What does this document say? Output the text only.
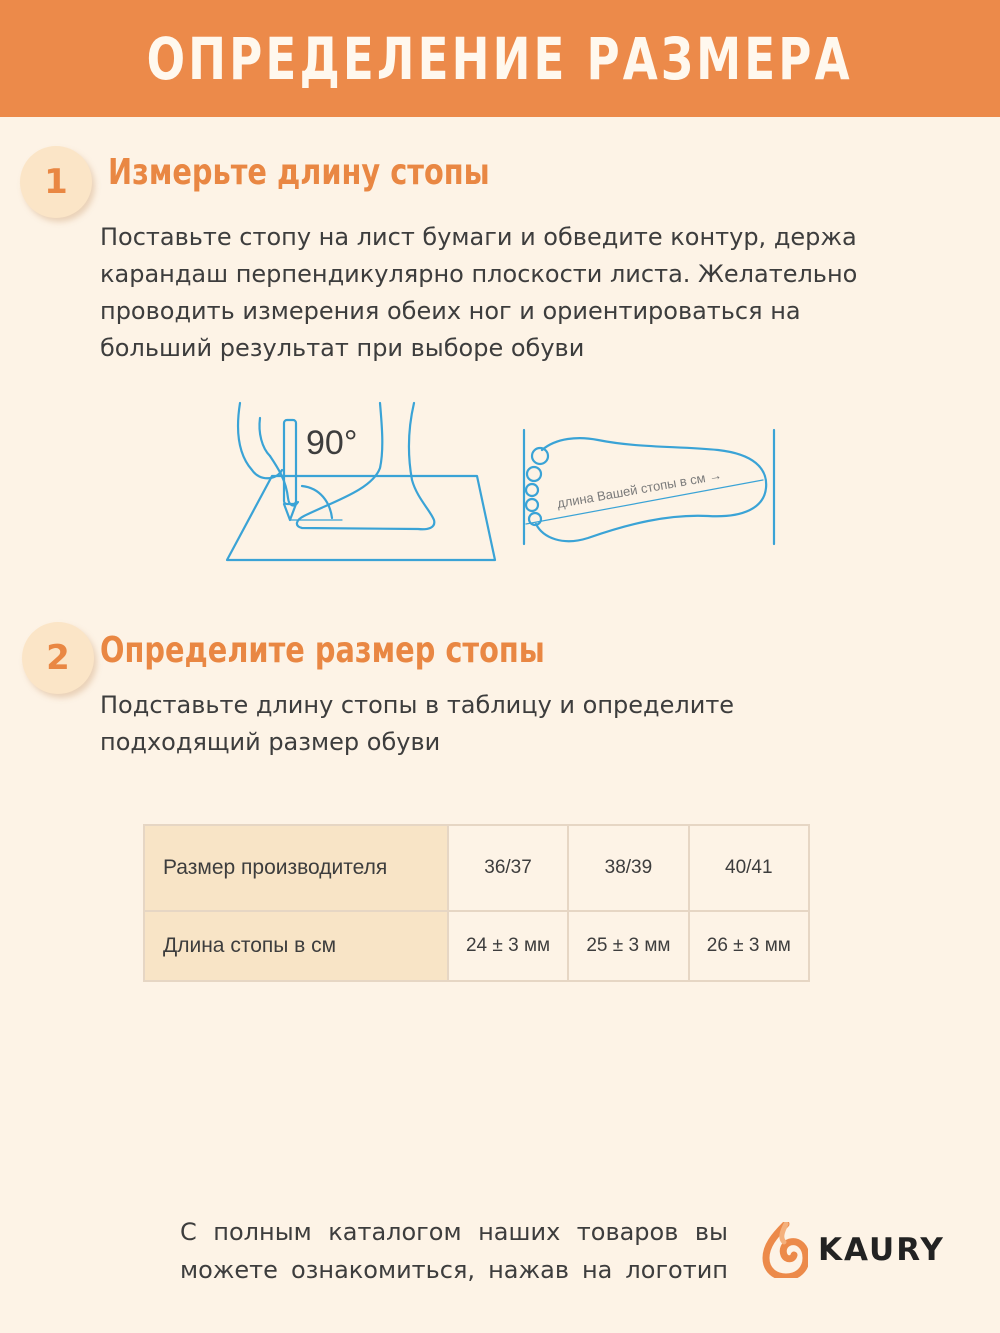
ОПРЕДЕЛЕНИЕ РАЗМЕРА
1 Измерьте длину стопы
Поставьте стопу на лист бумаги и обведите контур, держа карандаш перпендикулярно плоскости листа. Желательно проводить измерения обеих ног и ориентироваться на больший результат при выборе обуви
90°
длина Вашей стопы в см →
2 Определите размер стопы
Подставьте длину стопы в таблицу и определите подходящий размер обуви
Размер производителя	36/37	38/39	40/41
Длина стопы в см	24 ± 3 мм	25 ± 3 мм	26 ± 3 мм
С полным каталогом наших товаров вы можете ознакомиться, нажав на логотип
KAURY
